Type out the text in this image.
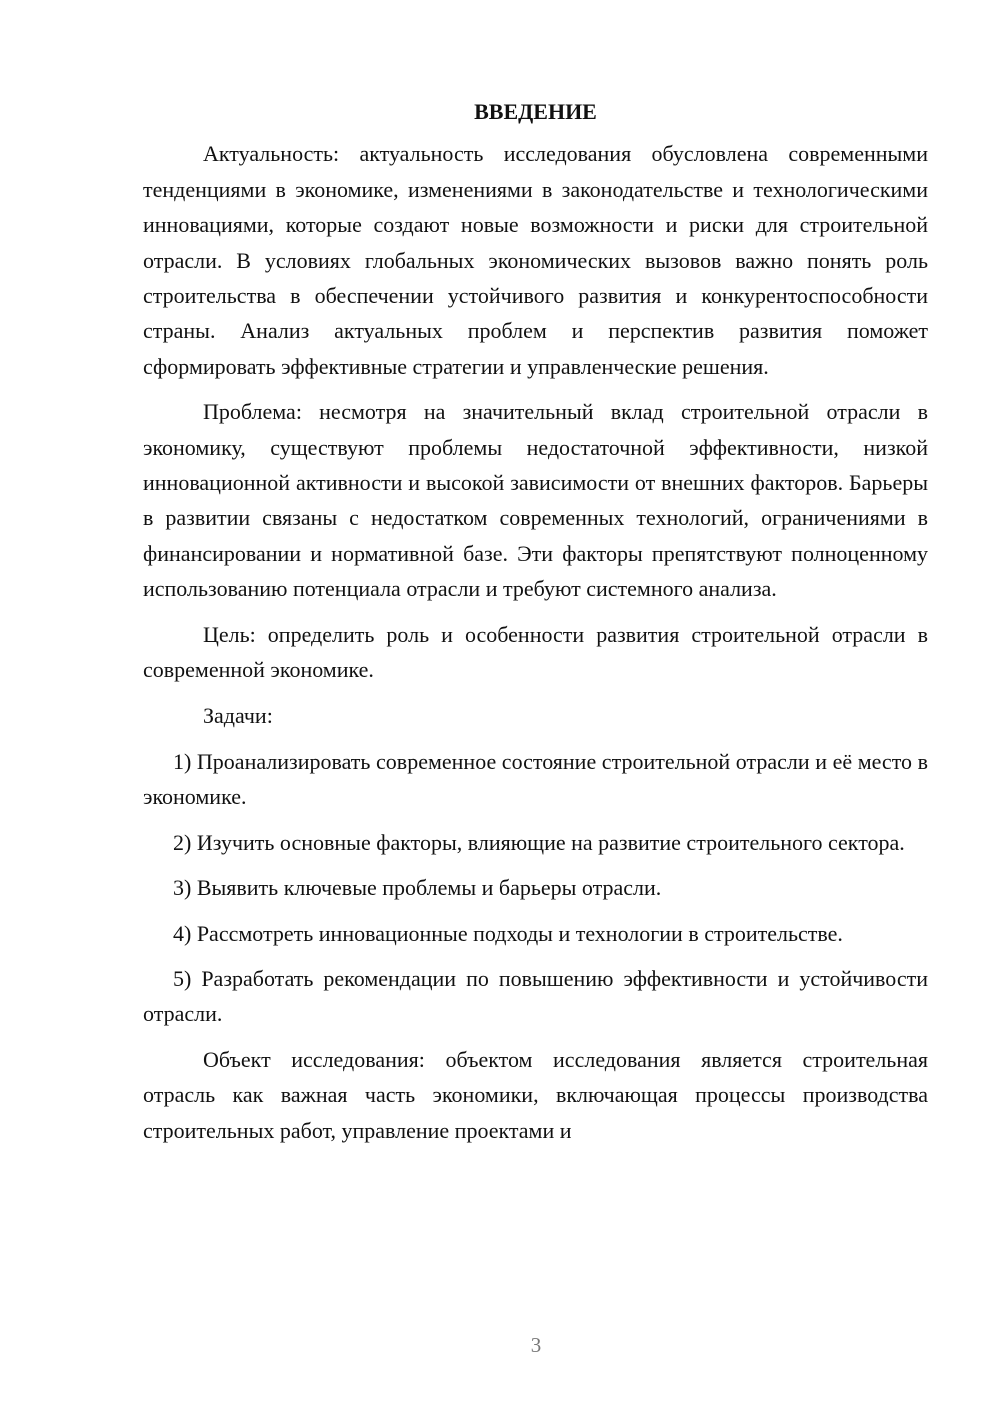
ВВЕДЕНИЕ

Актуальность: актуальность исследования обусловлена современными тенденциями в экономике, изменениями в законодательстве и технологическими инновациями, которые создают новые возможности и риски для строительной отрасли. В условиях глобальных экономических вызовов важно понять роль строительства в обеспечении устойчивого развития и конкурентоспособности страны. Анализ актуальных проблем и перспектив развития поможет сформировать эффективные стратегии и управленческие решения.

Проблема: несмотря на значительный вклад строительной отрасли в экономику, существуют проблемы недостаточной эффективности, низкой инновационной активности и высокой зависимости от внешних факторов. Барьеры в развитии связаны с недостатком современных технологий, ограничениями в финансировании и нормативной базе. Эти факторы препятствуют полноценному использованию потенциала отрасли и требуют системного анализа.

Цель: определить роль и особенности развития строительной отрасли в современной экономике.

Задачи:

1) Проанализировать современное состояние строительной отрасли и её место в экономике.

2) Изучить основные факторы, влияющие на развитие строительного сектора.

3) Выявить ключевые проблемы и барьеры отрасли.

4) Рассмотреть инновационные подходы и технологии в строительстве.

5) Разработать рекомендации по повышению эффективности и устойчивости отрасли.

Объект исследования: объектом исследования является строительная отрасль как важная часть экономики, включающая процессы производства строительных работ, управление проектами и

3
